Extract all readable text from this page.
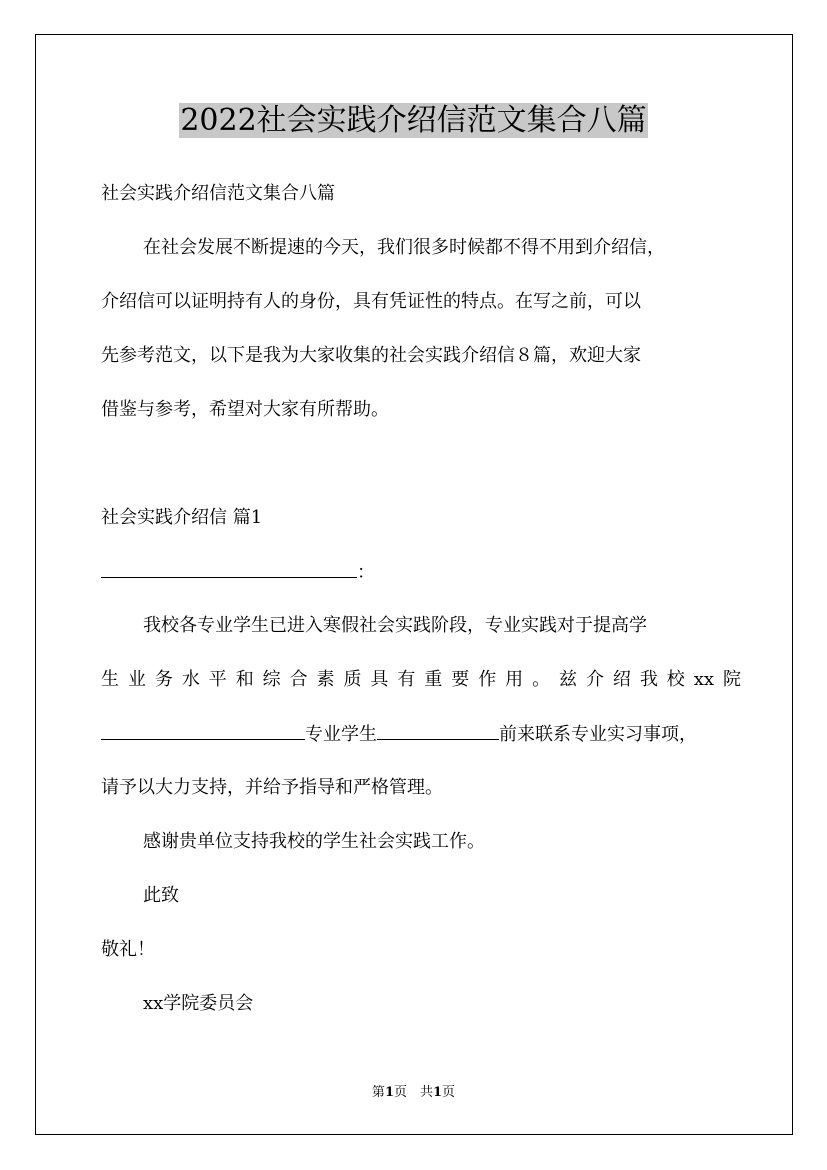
2022社会实践介绍信范文集合八篇
社会实践介绍信范文集合八篇
在社会发展不断提速的今天，我们很多时候都不得不用到介绍信，
介绍信可以证明持有人的身份，具有凭证性的特点。在写之前，可以
先参考范文，以下是我为大家收集的社会实践介绍信８篇，欢迎大家
借鉴与参考，希望对大家有所帮助。
社会实践介绍信 篇1
：
我校各专业学生已进入寒假社会实践阶段，专业实践对于提高学
生业务水平和综合素质具有重要作用。兹介绍我校xx院
专业学生	前来联系专业实习事项，
请予以大力支持，并给予指导和严格管理。
感谢贵单位支持我校的学生社会实践工作。
此致
敬礼！
xx学院委员会
第1页　共1页
